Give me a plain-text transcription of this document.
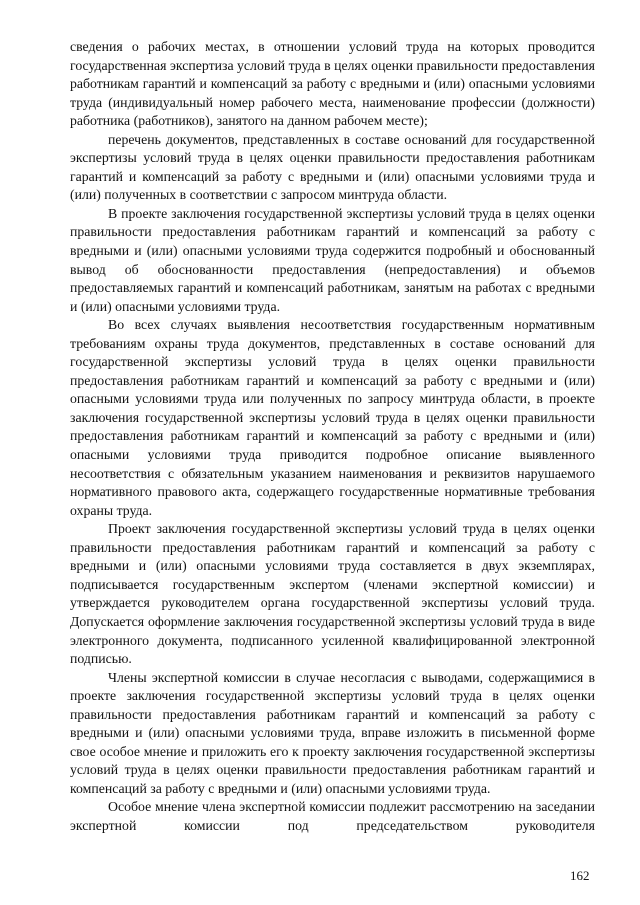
сведения о рабочих местах, в отношении условий труда на которых проводится государственная экспертиза условий труда в целях оценки правильности предоставления работникам гарантий и компенсаций за работу с вредными и (или) опасными условиями труда (индивидуальный номер рабочего места, наименование профессии (должности) работника (работников), занятого на данном рабочем месте);

перечень документов, представленных в составе оснований для государственной экспертизы условий труда в целях оценки правильности предоставления работникам гарантий и компенсаций за работу с вредными и (или) опасными условиями труда и (или) полученных в соответствии с запросом минтруда области.

В проекте заключения государственной экспертизы условий труда в целях оценки правильности предоставления работникам гарантий и компенсаций за работу с вредными и (или) опасными условиями труда содержится подробный и обоснованный вывод об обоснованности предоставления (непредоставления) и объемов предоставляемых гарантий и компенсаций работникам, занятым на работах с вредными и (или) опасными условиями труда.

Во всех случаях выявления несоответствия государственным нормативным требованиям охраны труда документов, представленных в составе оснований для государственной экспертизы условий труда в целях оценки правильности предоставления работникам гарантий и компенсаций за работу с вредными и (или) опасными условиями труда или полученных по запросу минтруда области, в проекте заключения государственной экспертизы условий труда в целях оценки правильности предоставления работникам гарантий и компенсаций за работу с вредными и (или) опасными условиями труда приводится подробное описание выявленного несоответствия с обязательным указанием наименования и реквизитов нарушаемого нормативного правового акта, содержащего государственные нормативные требования охраны труда.

Проект заключения государственной экспертизы условий труда в целях оценки правильности предоставления работникам гарантий и компенсаций за работу с вредными и (или) опасными условиями труда составляется в двух экземплярах, подписывается государственным экспертом (членами экспертной комиссии) и утверждается руководителем органа государственной экспертизы условий труда. Допускается оформление заключения государственной экспертизы условий труда в виде электронного документа, подписанного усиленной квалифицированной электронной подписью.

Члены экспертной комиссии в случае несогласия с выводами, содержащимися в проекте заключения государственной экспертизы условий труда в целях оценки правильности предоставления работникам гарантий и компенсаций за работу с вредными и (или) опасными условиями труда, вправе изложить в письменной форме свое особое мнение и приложить его к проекту заключения государственной экспертизы условий труда в целях оценки правильности предоставления работникам гарантий и компенсаций за работу с вредными и (или) опасными условиями труда.

Особое мнение члена экспертной комиссии подлежит рассмотрению на заседании экспертной комиссии под председательством руководителя

162
